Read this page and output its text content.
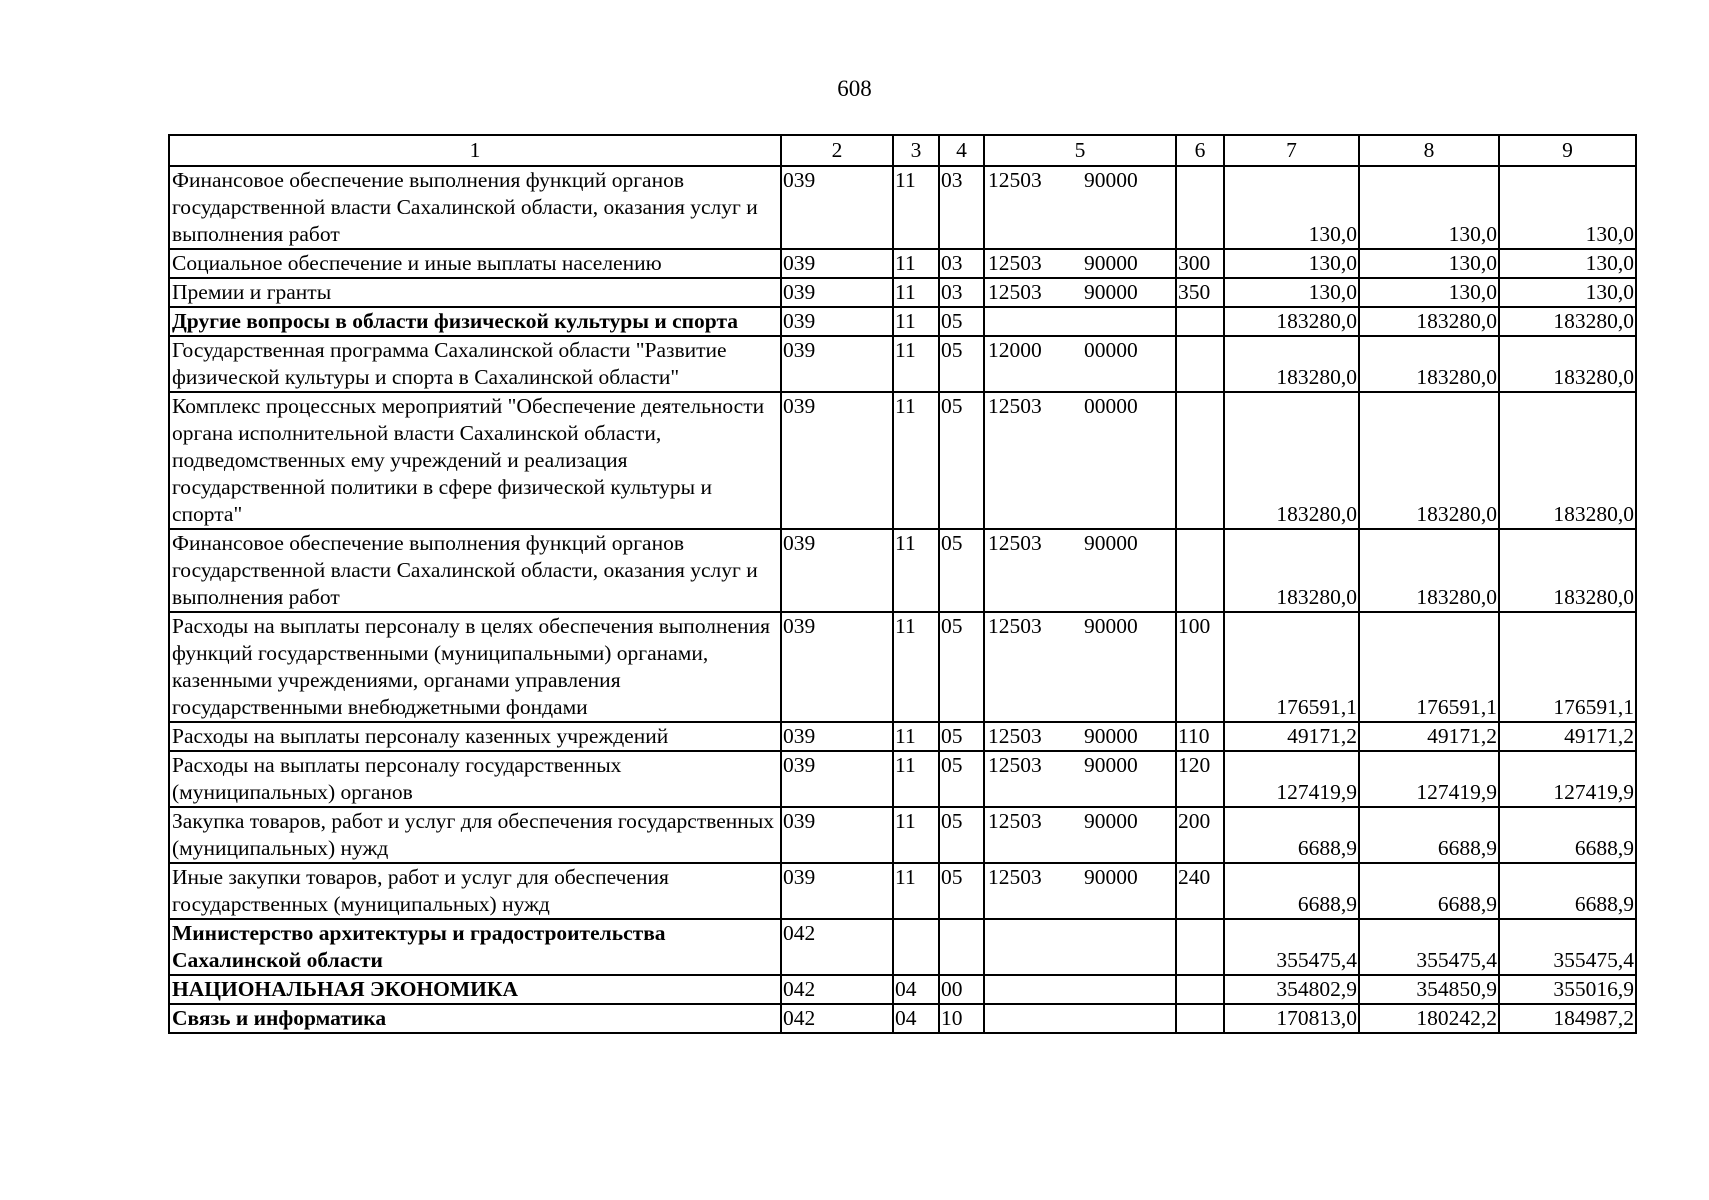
608
1	2	3	4	5	6	7	8	9
Финансовое обеспечение выполнения функций органов государственной власти Сахалинской области, оказания услуг и выполнения работ	039	11	03	12503 90000		130,0	130,0	130,0
Социальное обеспечение и иные выплаты населению	039	11	03	12503 90000	300	130,0	130,0	130,0
Премии и гранты	039	11	03	12503 90000	350	130,0	130,0	130,0
Другие вопросы в области физической культуры и спорта	039	11	05			183280,0	183280,0	183280,0
Государственная программа Сахалинской области "Развитие физической культуры и спорта в Сахалинской области"	039	11	05	12000 00000		183280,0	183280,0	183280,0
Комплекс процессных мероприятий "Обеспечение деятельности органа исполнительной власти Сахалинской области, подведомственных ему учреждений и реализация государственной политики в сфере физической культуры и спорта"	039	11	05	12503 00000		183280,0	183280,0	183280,0
Финансовое обеспечение выполнения функций органов государственной власти Сахалинской области, оказания услуг и выполнения работ	039	11	05	12503 90000		183280,0	183280,0	183280,0
Расходы на выплаты персоналу в целях обеспечения выполнения функций государственными (муниципальными) органами, казенными учреждениями, органами управления государственными внебюджетными фондами	039	11	05	12503 90000	100	176591,1	176591,1	176591,1
Расходы на выплаты персоналу казенных учреждений	039	11	05	12503 90000	110	49171,2	49171,2	49171,2
Расходы на выплаты персоналу государственных (муниципальных) органов	039	11	05	12503 90000	120	127419,9	127419,9	127419,9
Закупка товаров, работ и услуг для обеспечения государственных (муниципальных) нужд	039	11	05	12503 90000	200	6688,9	6688,9	6688,9
Иные закупки товаров, работ и услуг для обеспечения государственных (муниципальных) нужд	039	11	05	12503 90000	240	6688,9	6688,9	6688,9
Министерство архитектуры и градостроительства Сахалинской области	042					355475,4	355475,4	355475,4
НАЦИОНАЛЬНАЯ ЭКОНОМИКА	042	04	00			354802,9	354850,9	355016,9
Связь и информатика	042	04	10			170813,0	180242,2	184987,2
